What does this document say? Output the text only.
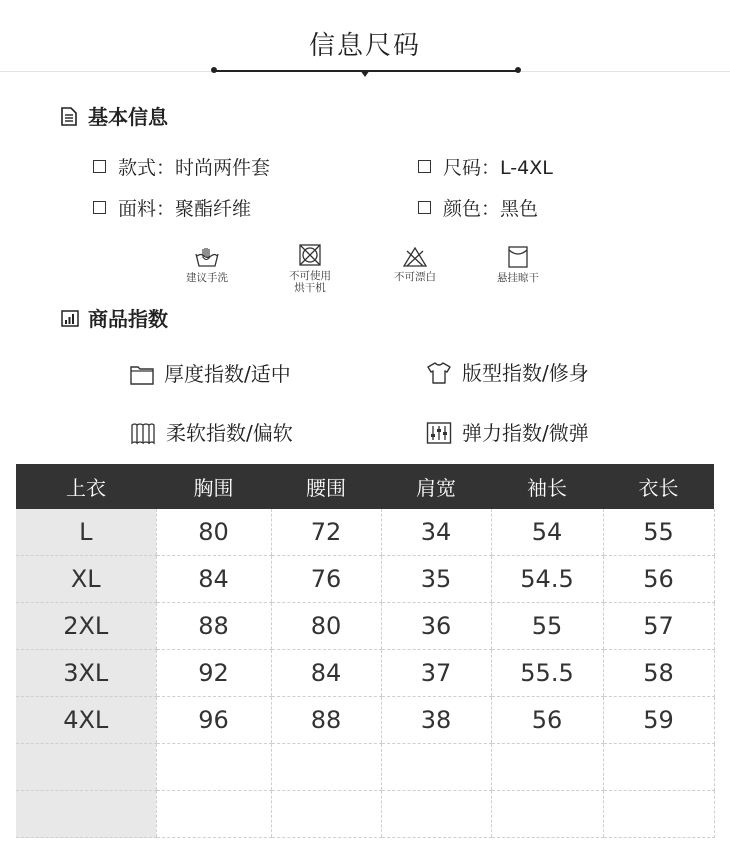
信息尺码
基本信息
款式：时尚两件套	尺码：L-4XL
面料：聚酯纤维	颜色：黑色
建议手洗	不可使用
烘干机
不可漂白	悬挂晾干
商品指数
厚度指数/适中	版型指数/修身
柔软指数/偏软	弹力指数/微弹
上衣	胸围	腰围	肩宽	袖长	衣长
L	80	72	34	54	55
XL	84	76	35	54.5	56
2XL	88	80	36	55	57
3XL	92	84	37	55.5	58
4XL	96	88	38	56	59
